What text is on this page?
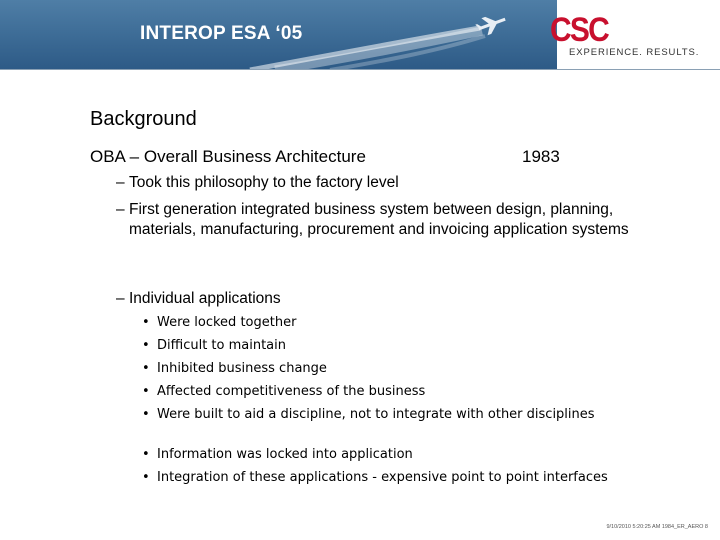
INTEROP ESA ‘05	CSC
EXPERIENCE. RESULTS.
Background
OBA – Overall Business Architecture	1983
– Took this philosophy to the factory level
– First generation integrated business system between design, planning, materials, manufacturing, procurement and invoicing application systems
– Individual applications
• Were locked together
• Difficult to maintain
• Inhibited business change
• Affected competitiveness of the business
• Were built to aid a discipline, not to integrate with other disciplines
• Information was locked into application
• Integration of these applications - expensive point to point interfaces
9/10/2010 5:20:25 AM 1984_ER_AERO 8
